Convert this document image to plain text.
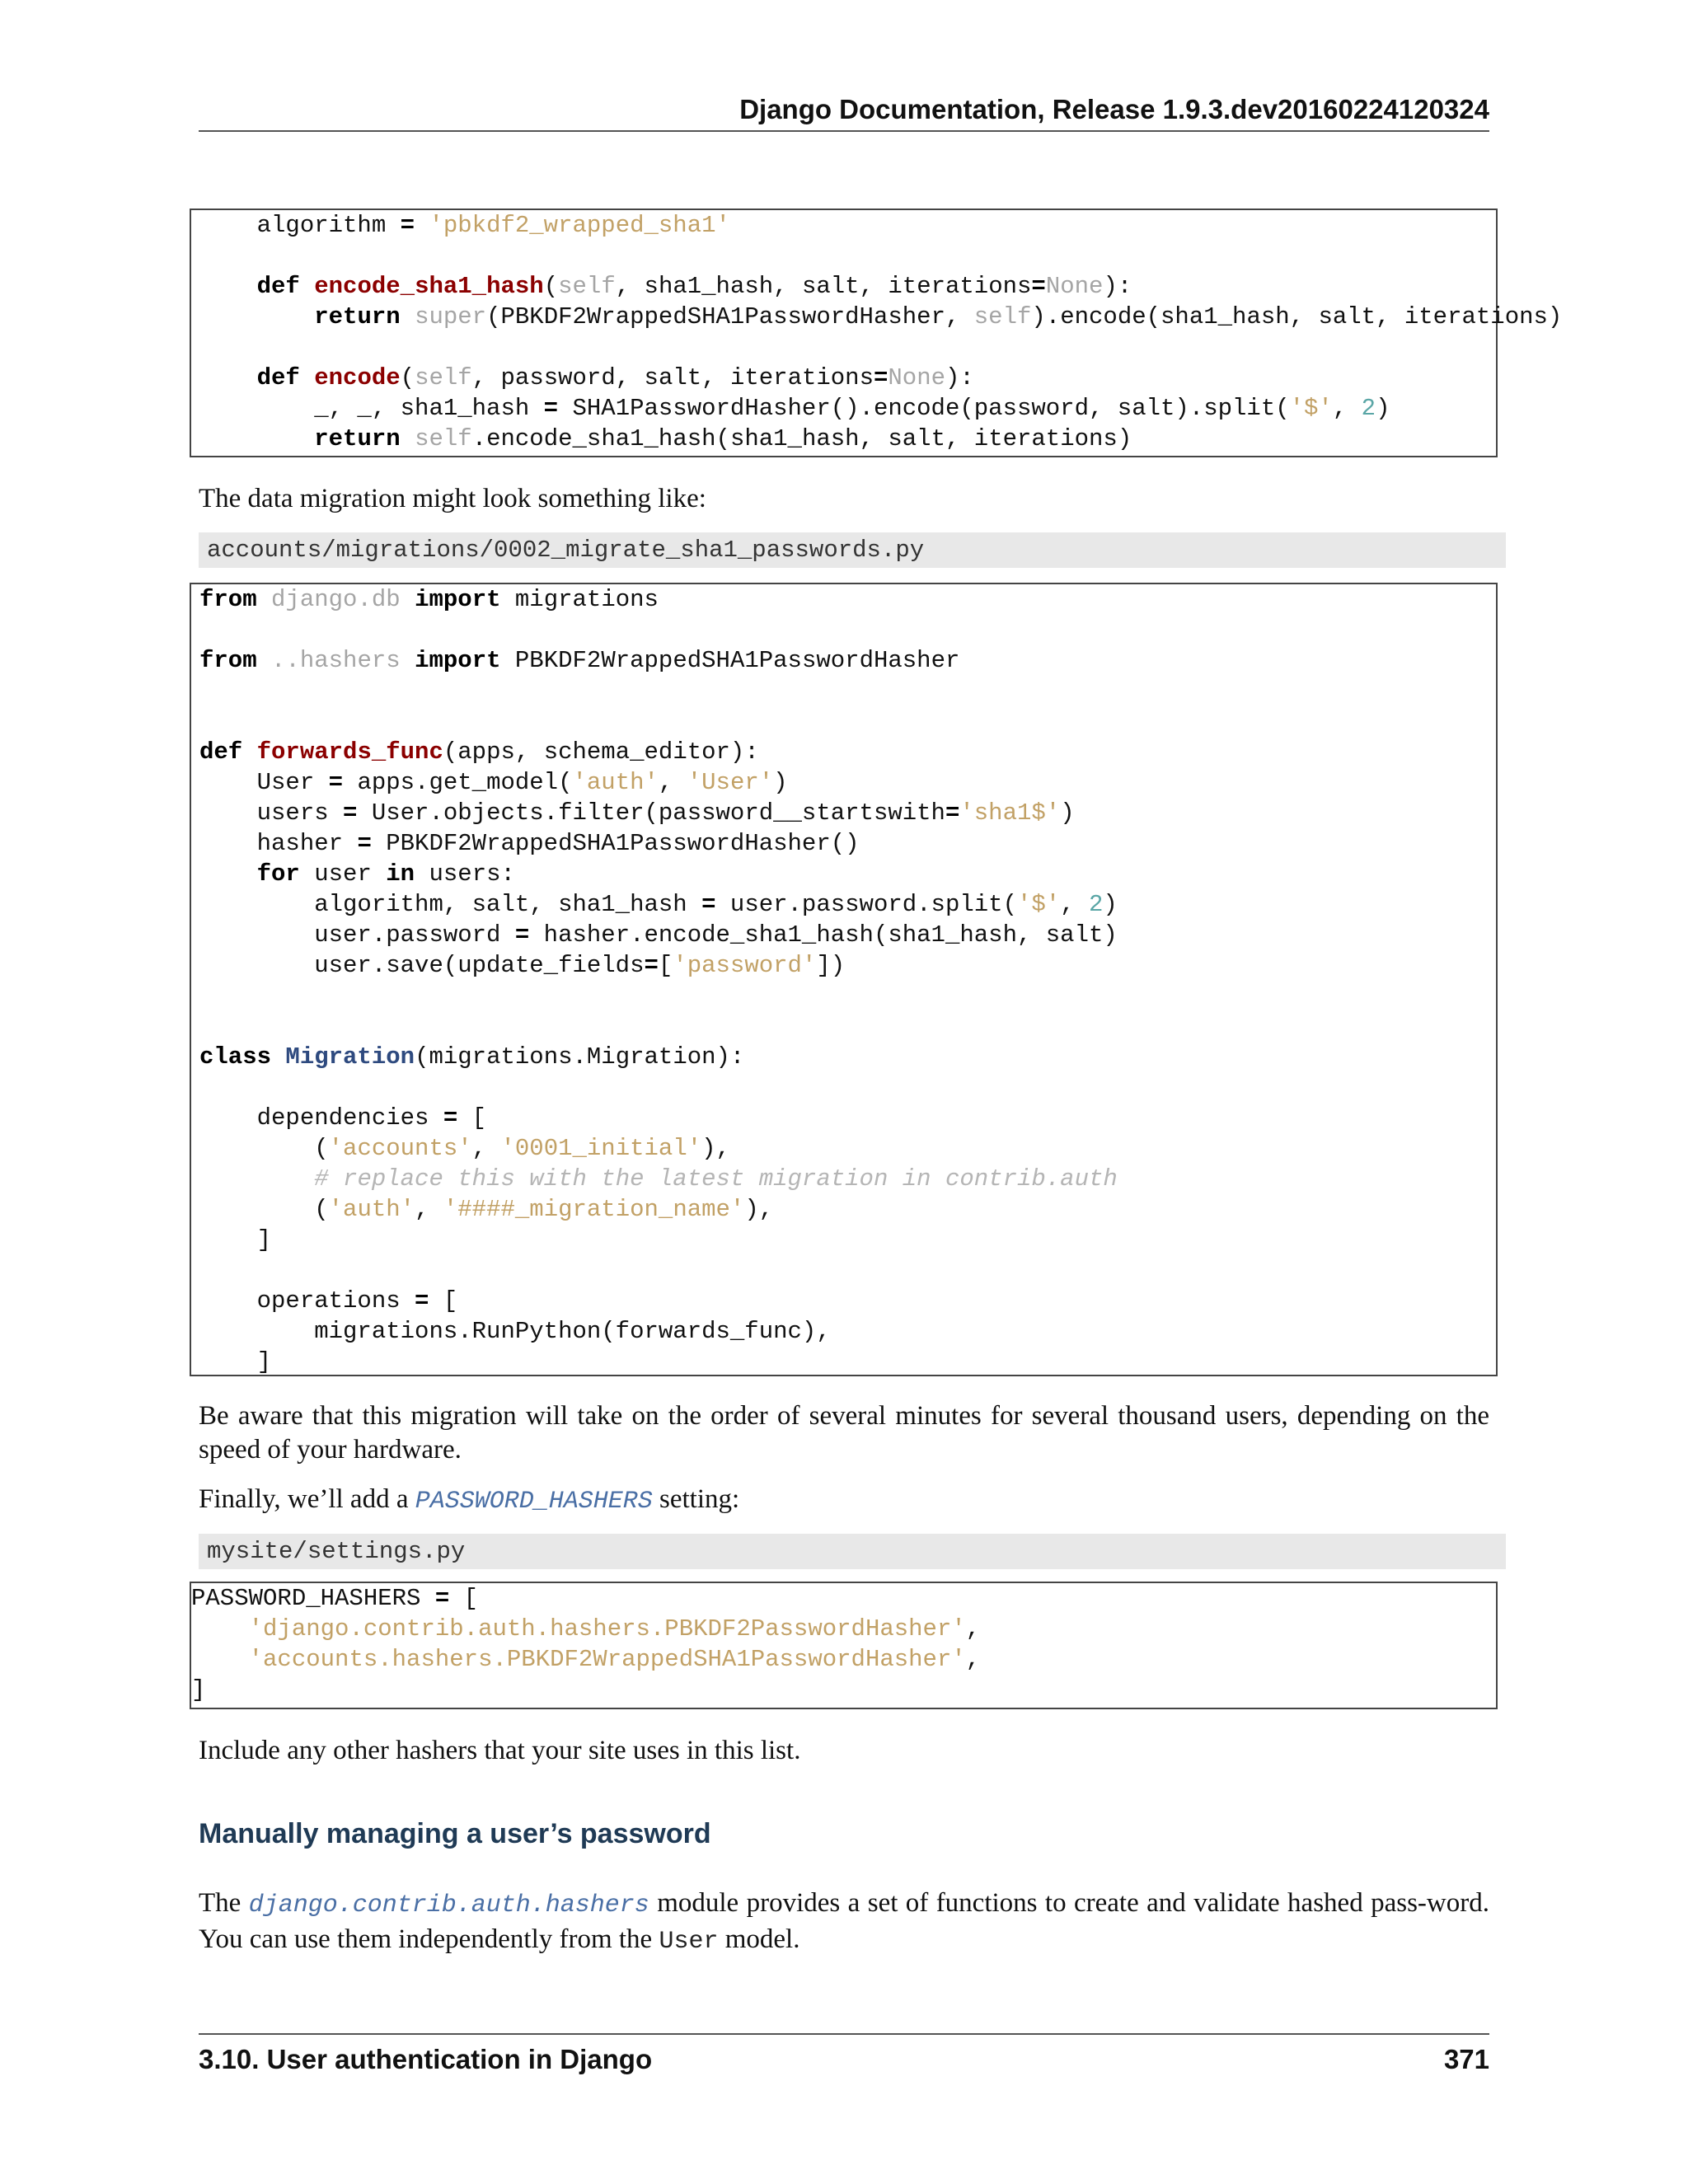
Django Documentation, Release 1.9.3.dev20160224120324
algorithm = 'pbkdf2_wrapped_sha1'
def encode_sha1_hash(self, sha1_hash, salt, iterations=None):
return super(PBKDF2WrappedSHA1PasswordHasher, self).encode(sha1_hash, salt, iterations)
def encode(self, password, salt, iterations=None):
_, _, sha1_hash = SHA1PasswordHasher().encode(password, salt).split('$', 2)
return self.encode_sha1_hash(sha1_hash, salt, iterations)
The data migration might look something like:
accounts/migrations/0002_migrate_sha1_passwords.py
from django.db import migrations
from ..hashers import PBKDF2WrappedSHA1PasswordHasher
def forwards_func(apps, schema_editor):
User = apps.get_model('auth', 'User')
users = User.objects.filter(password__startswith='sha1$')
hasher = PBKDF2WrappedSHA1PasswordHasher()
for user in users:
algorithm, salt, sha1_hash = user.password.split('$', 2)
user.password = hasher.encode_sha1_hash(sha1_hash, salt)
user.save(update_fields=['password'])
class Migration(migrations.Migration):
dependencies = [
('accounts', '0001_initial'),
# replace this with the latest migration in contrib.auth
('auth', '####_migration_name'),
]
operations = [
migrations.RunPython(forwards_func),
]
Be aware that this migration will take on the order of several minutes for several thousand users, depending on the speed of your hardware.
Finally, we’ll add a PASSWORD_HASHERS setting:
mysite/settings.py
PASSWORD_HASHERS = [
'django.contrib.auth.hashers.PBKDF2PasswordHasher',
'accounts.hashers.PBKDF2WrappedSHA1PasswordHasher',
]
Include any other hashers that your site uses in this list.
Manually managing a user’s password
The django.contrib.auth.hashers module provides a set of functions to create and validate hashed pass-word. You can use them independently from the User model.
3.10. User authentication in Django	371
